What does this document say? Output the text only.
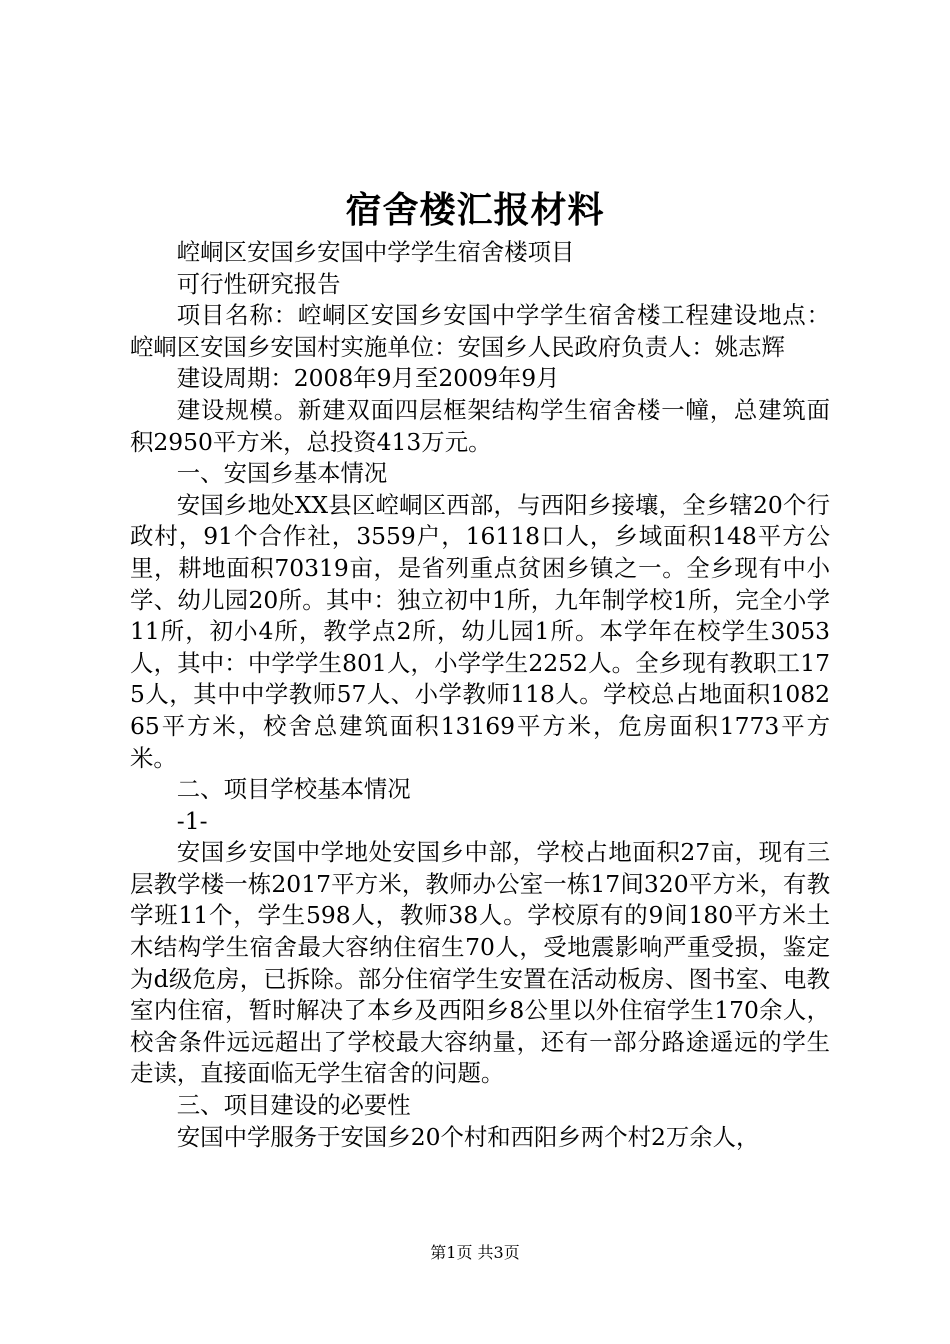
宿舍楼汇报材料

崆峒区安国乡安国中学学生宿舍楼项目

可行性研究报告

项目名称：崆峒区安国乡安国中学学生宿舍楼工程建设地点：崆峒区安国乡安国村实施单位：安国乡人民政府负责人：姚志辉

建设周期：2008年9月至2009年9月

建设规模。新建双面四层框架结构学生宿舍楼一幢，总建筑面积2950平方米，总投资413万元。

一、安国乡基本情况

安国乡地处XX县区崆峒区西部，与西阳乡接壤，全乡辖20个行政村，91个合作社，3559户，16118口人，乡域面积148平方公里，耕地面积70319亩，是省列重点贫困乡镇之一。全乡现有中小学、幼儿园20所。其中：独立初中1所，九年制学校1所，完全小学11所，初小4所，教学点2所，幼儿园1所。本学年在校学生3053人，其中：中学学生801人，小学学生2252人。全乡现有教职工175人，其中中学教师57人、小学教师118人。学校总占地面积108265平方米，校舍总建筑面积13169平方米，危房面积1773平方米。

二、项目学校基本情况

-1-

安国乡安国中学地处安国乡中部，学校占地面积27亩，现有三层教学楼一栋2017平方米，教师办公室一栋17间320平方米，有教学班11个，学生598人，教师38人。学校原有的9间180平方米土木结构学生宿舍最大容纳住宿生70人，受地震影响严重受损，鉴定为d级危房，已拆除。部分住宿学生安置在活动板房、图书室、电教室内住宿，暂时解决了本乡及西阳乡8公里以外住宿学生170余人，校舍条件远远超出了学校最大容纳量，还有一部分路途遥远的学生走读，直接面临无学生宿舍的问题。

三、项目建设的必要性

安国中学服务于安国乡20个村和西阳乡两个村2万余人，

第1页 共3页
